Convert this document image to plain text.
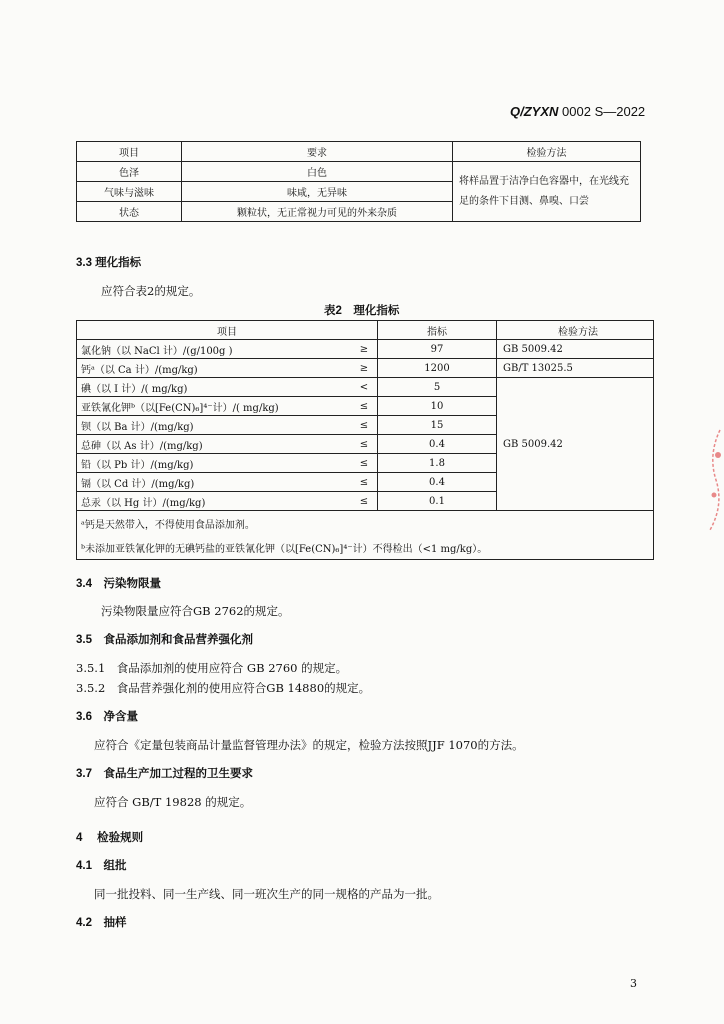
Q/ZYXN 0002 S—2022
项目	要求	检验方法
色泽	白色	将样品置于洁净白色容器中，在光线充足的条件下目测、鼻嗅、口尝
气味与滋味	味咸，无异味	
状态	颗粒状，无正常视力可见的外来杂质	
3.3 理化指标
应符合表2的规定。
表2　理化指标
项目		指标	检验方法
氯化钠（以 NaCl 计）/(g/100g )	≥	97	GB 5009.42
钙ᵃ（以 Ca 计）/(mg/kg)	≥	1200	GB/T 13025.5
碘（以 I 计）/( mg/kg)	<	5	GB 5009.42
亚铁氰化钾ᵇ（以[Fe(CN)₆]⁴⁻计）/( mg/kg)	≤	10	
钡（以 Ba 计）/(mg/kg)	≤	15	
总砷（以 As 计）/(mg/kg)	≤	0.4	
铅（以 Pb 计）/(mg/kg)	≤	1.8	
镉（以 Cd 计）/(mg/kg)	≤	0.4	
总汞（以 Hg 计）/(mg/kg)	≤	0.1	
ᵃ钙是天然带入，不得使用食品添加剂。			
ᵇ未添加亚铁氰化钾的无碘钙盐的亚铁氰化钾（以[Fe(CN)₆]⁴⁻计）不得检出（<1 mg/kg）。			
3.4　污染物限量
污染物限量应符合GB 2762的规定。
3.5　食品添加剂和食品营养强化剂
3.5.1　食品添加剂的使用应符合 GB 2760 的规定。
3.5.2　食品营养强化剂的使用应符合GB 14880的规定。
3.6　净含量
应符合《定量包装商品计量监督管理办法》的规定，检验方法按照JJF 1070的方法。
3.7　食品生产加工过程的卫生要求
应符合 GB/T 19828 的规定。
4　 检验规则
4.1　组批
同一批投料、同一生产线、同一班次生产的同一规格的产品为一批。
4.2　抽样
3
